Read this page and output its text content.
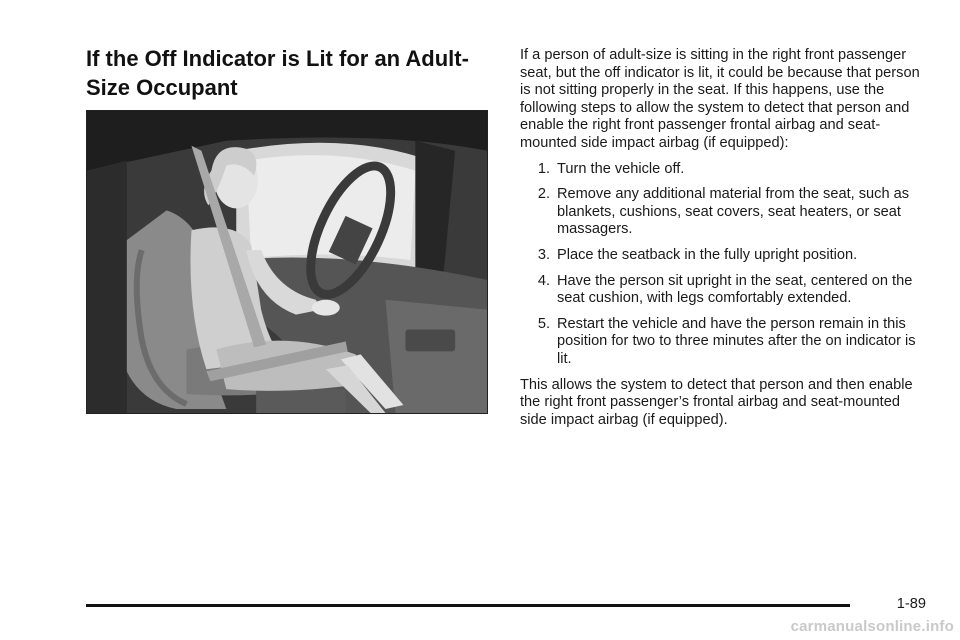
If the Off Indicator is Lit for an Adult-Size Occupant

If a person of adult-size is sitting in the right front passenger seat, but the off indicator is lit, it could be because that person is not sitting properly in the seat. If this happens, use the following steps to allow the system to detect that person and enable the right front passenger frontal airbag and seat-mounted side impact airbag (if equipped):

1. Turn the vehicle off.
2. Remove any additional material from the seat, such as blankets, cushions, seat covers, seat heaters, or seat massagers.
3. Place the seatback in the fully upright position.
4. Have the person sit upright in the seat, centered on the seat cushion, with legs comfortably extended.
5. Restart the vehicle and have the person remain in this position for two to three minutes after the on indicator is lit.

This allows the system to detect that person and then enable the right front passenger’s frontal airbag and seat-mounted side impact airbag (if equipped).

1-89
carmanualsonline.info
